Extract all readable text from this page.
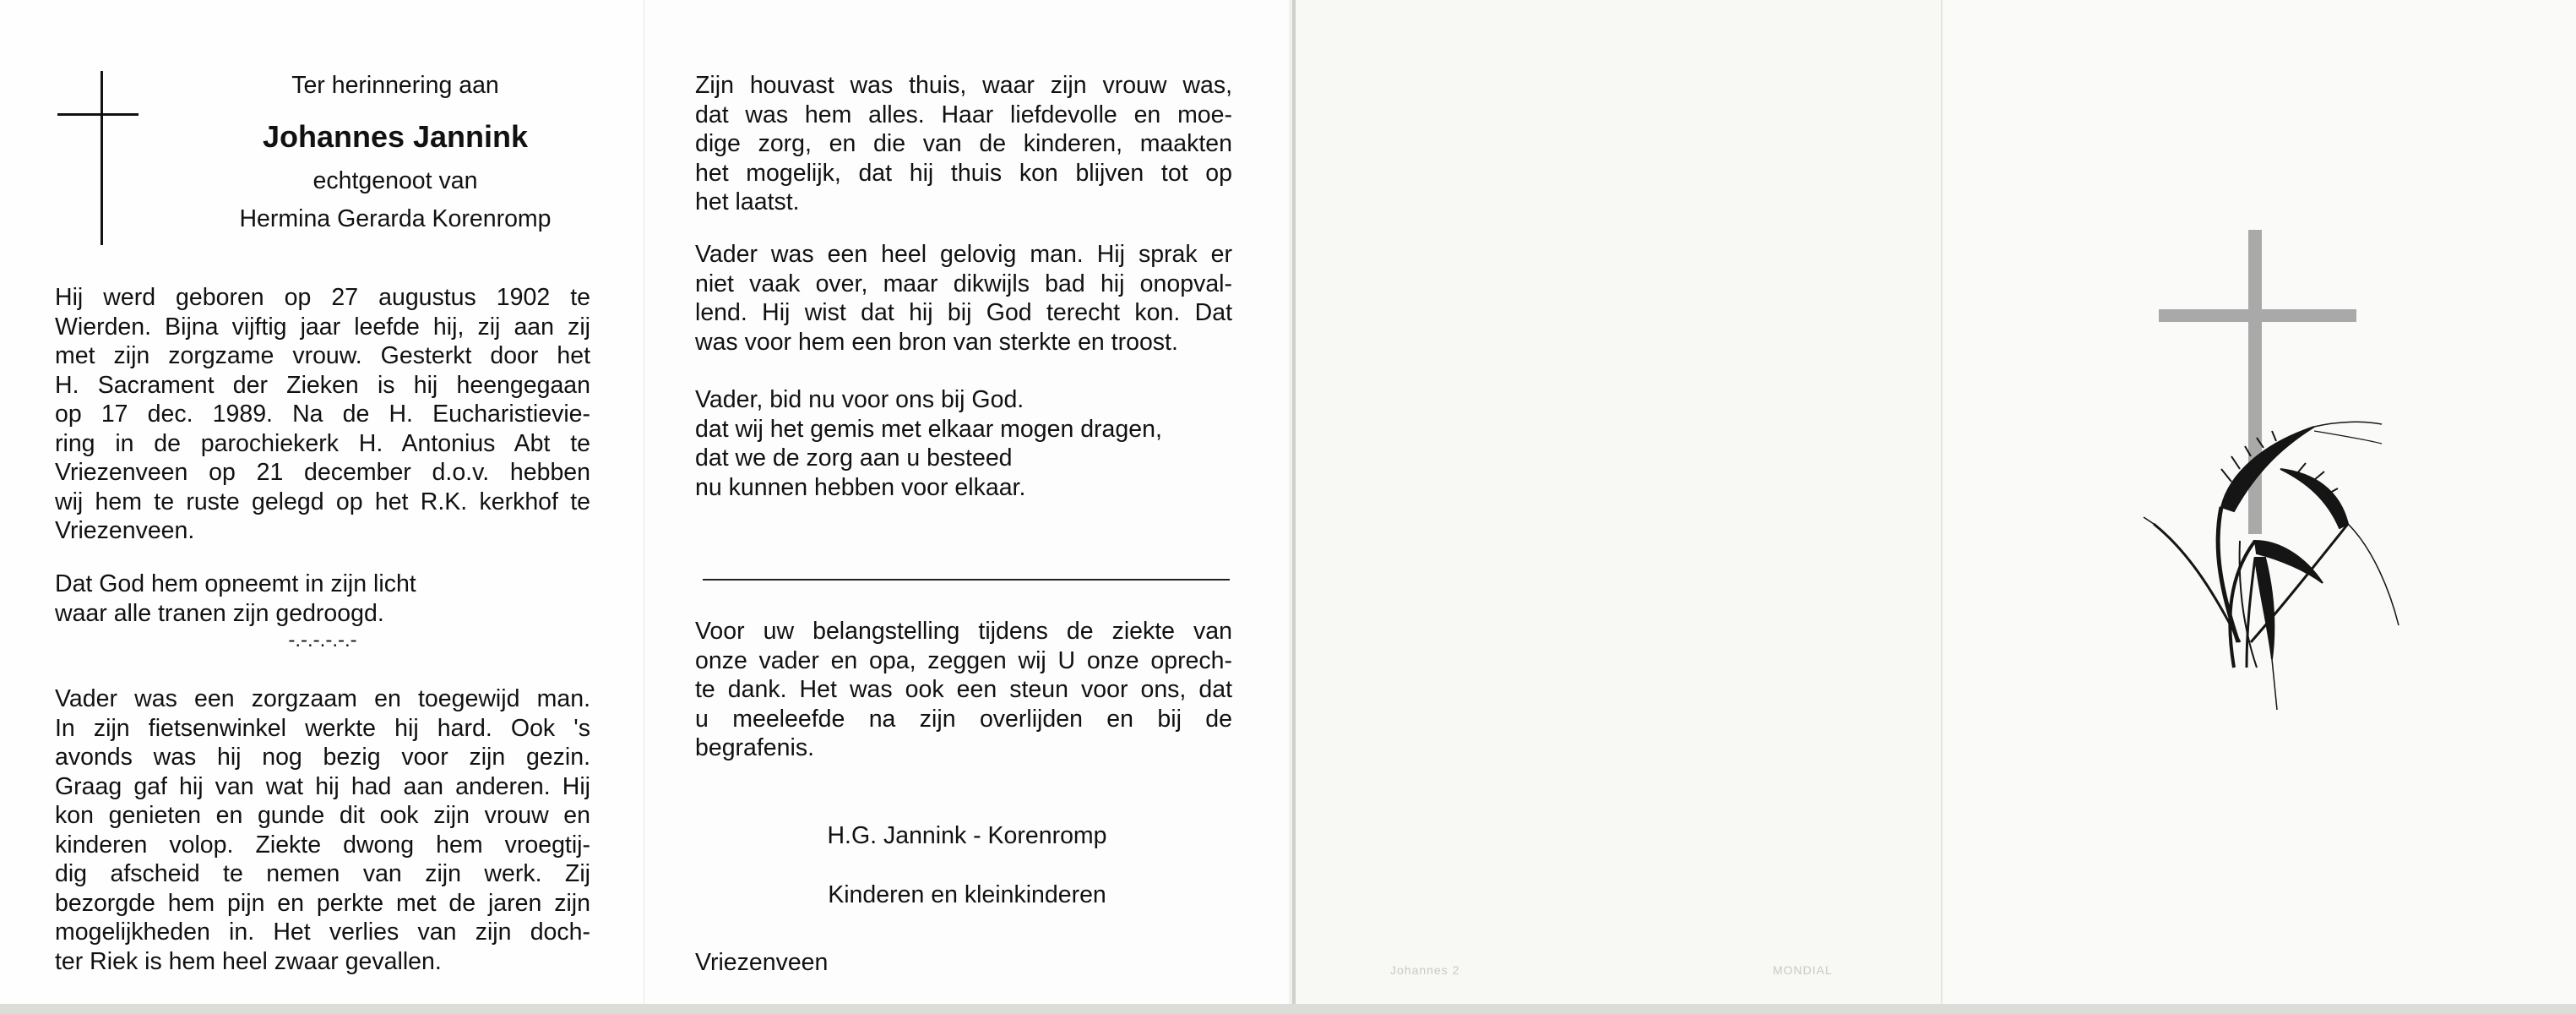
Ter herinnering aan
Johannes Jannink
echtgenoot van
Hermina Gerarda Korenromp

Hij werd geboren op 27 augustus 1902 te

Wierden. Bijna vijftig jaar leefde hij, zij aan zij

met zijn zorgzame vrouw. Gesterkt door het

H. Sacrament der Zieken is hij heengegaan

op 17 dec. 1989. Na de H. Eucharistievie-

ring in de parochiekerk H. Antonius Abt te

Vriezenveen op 21 december d.o.v. hebben

wij hem te ruste gelegd op het R.K. kerkhof te

Vriezenveen.

Dat God hem opneemt in zijn licht

waar alle tranen zijn gedroogd.

-.-.-.-.-.-

Vader was een zorgzaam en toegewijd man.

In zijn fietsenwinkel werkte hij hard. Ook 's

avonds was hij nog bezig voor zijn gezin.

Graag gaf hij van wat hij had aan anderen. Hij

kon genieten en gunde dit ook zijn vrouw en

kinderen volop. Ziekte dwong hem vroegtij-

dig afscheid te nemen van zijn werk. Zij

bezorgde hem pijn en perkte met de jaren zijn

mogelijkheden in. Het verlies van zijn doch-

ter Riek is hem heel zwaar gevallen.

Zijn houvast was thuis, waar zijn vrouw was,

dat was hem alles. Haar liefdevolle en moe-

dige zorg, en die van de kinderen, maakten

het mogelijk, dat hij thuis kon blijven tot op

het laatst.

Vader was een heel gelovig man. Hij sprak er

niet vaak over, maar dikwijls bad hij onopval-

lend. Hij wist dat hij bij God terecht kon. Dat

was voor hem een bron van sterkte en troost.

Vader, bid nu voor ons bij God.

dat wij het gemis met elkaar mogen dragen,

dat we de zorg aan u besteed

nu kunnen hebben voor elkaar.

Voor uw belangstelling tijdens de ziekte van

onze vader en opa, zeggen wij U onze oprech-

te dank. Het was ook een steun voor ons, dat

u meeleefde na zijn overlijden en bij de

begrafenis.

H.G. Jannink - Korenromp
Kinderen en kleinkinderen
Vriezenveen	Johannes 2	MONDIAL
